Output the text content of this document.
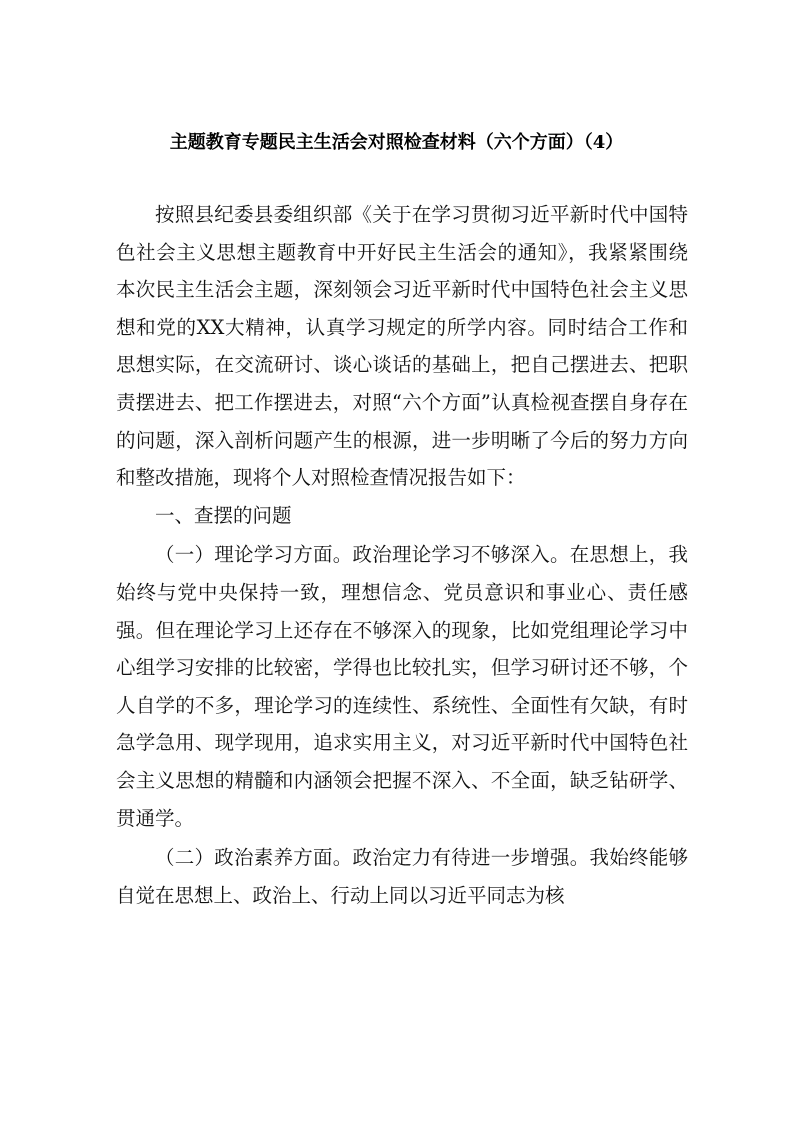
主题教育专题民主生活会对照检查材料（六个方面）（4）

按照县纪委县委组织部《关于在学习贯彻习近平新时代中国特色社会主义思想主题教育中开好民主生活会的通知》，我紧紧围绕本次民主生活会主题，深刻领会习近平新时代中国特色社会主义思想和党的XX大精神，认真学习规定的所学内容。同时结合工作和思想实际，在交流研讨、谈心谈话的基础上，把自己摆进去、把职责摆进去、把工作摆进去，对照“六个方面”认真检视查摆自身存在的问题，深入剖析问题产生的根源，进一步明晰了今后的努力方向和整改措施，现将个人对照检查情况报告如下：

一、查摆的问题

（一）理论学习方面。政治理论学习不够深入。在思想上，我始终与党中央保持一致，理想信念、党员意识和事业心、责任感强。但在理论学习上还存在不够深入的现象，比如党组理论学习中心组学习安排的比较密，学得也比较扎实，但学习研讨还不够，个人自学的不多，理论学习的连续性、系统性、全面性有欠缺，有时急学急用、现学现用，追求实用主义，对习近平新时代中国特色社会主义思想的精髓和内涵领会把握不深入、不全面，缺乏钻研学、贯通学。

（二）政治素养方面。政治定力有待进一步增强。我始终能够自觉在思想上、政治上、行动上同以习近平同志为核
